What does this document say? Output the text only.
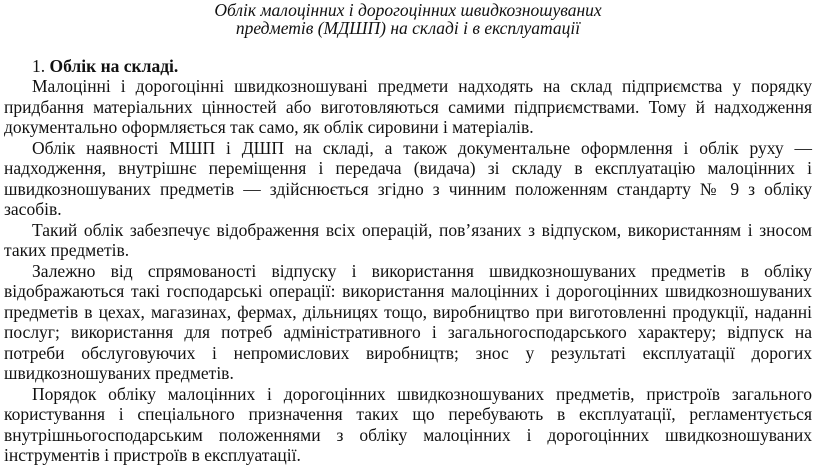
Облік малоцінних і дорогоцінних швидкозношуваних
предметів (МДШП) на складі і в експлуатації

1. Облік на складі.

Малоцінні і дорогоцінні швидкозношувані предмети надходять на склад підприємства у порядку придбання матеріальних цінностей або виготовляються самими підприємствами. Тому й надходження документально оформляється так само, як облік сировини і матеріалів.

Облік наявності МШП і ДШП на складі, а також документальне оформлення і облік руху — надходження, внутрішнє переміщення і передача (видача) зі складу в експлуатацію малоцінних і швидкозношуваних предметів — здійснюється згідно з чинним положенням стандарту № 9 з обліку засобів.

Такий облік забезпечує відображення всіх операцій, пов’язаних з відпуском, використанням і зносом таких предметів.

Залежно від спрямованості відпуску і використання швидкозношуваних предметів в обліку відображаються такі господарські операції: використання малоцінних і дорогоцінних швидкозношуваних предметів в цехах, магазинах, фермах, дільницях тощо, виробництво при виготовленні продукції, наданні послуг; використання для потреб адміністративного і загальногосподарського характеру; відпуск на потреби обслуговуючих і непромислових виробництв; знос у результаті експлуатації дорогих швидкозношуваних предметів.

Порядок обліку малоцінних і дорогоцінних швидкозношуваних предметів, пристроїв загального користування і спеціального призначення таких що перебувають в експлуатації, регламентується внутрішньогосподарським положеннями з обліку малоцінних і дорогоцінних швидкозношуваних інструментів і пристроїв в експлуатації.
